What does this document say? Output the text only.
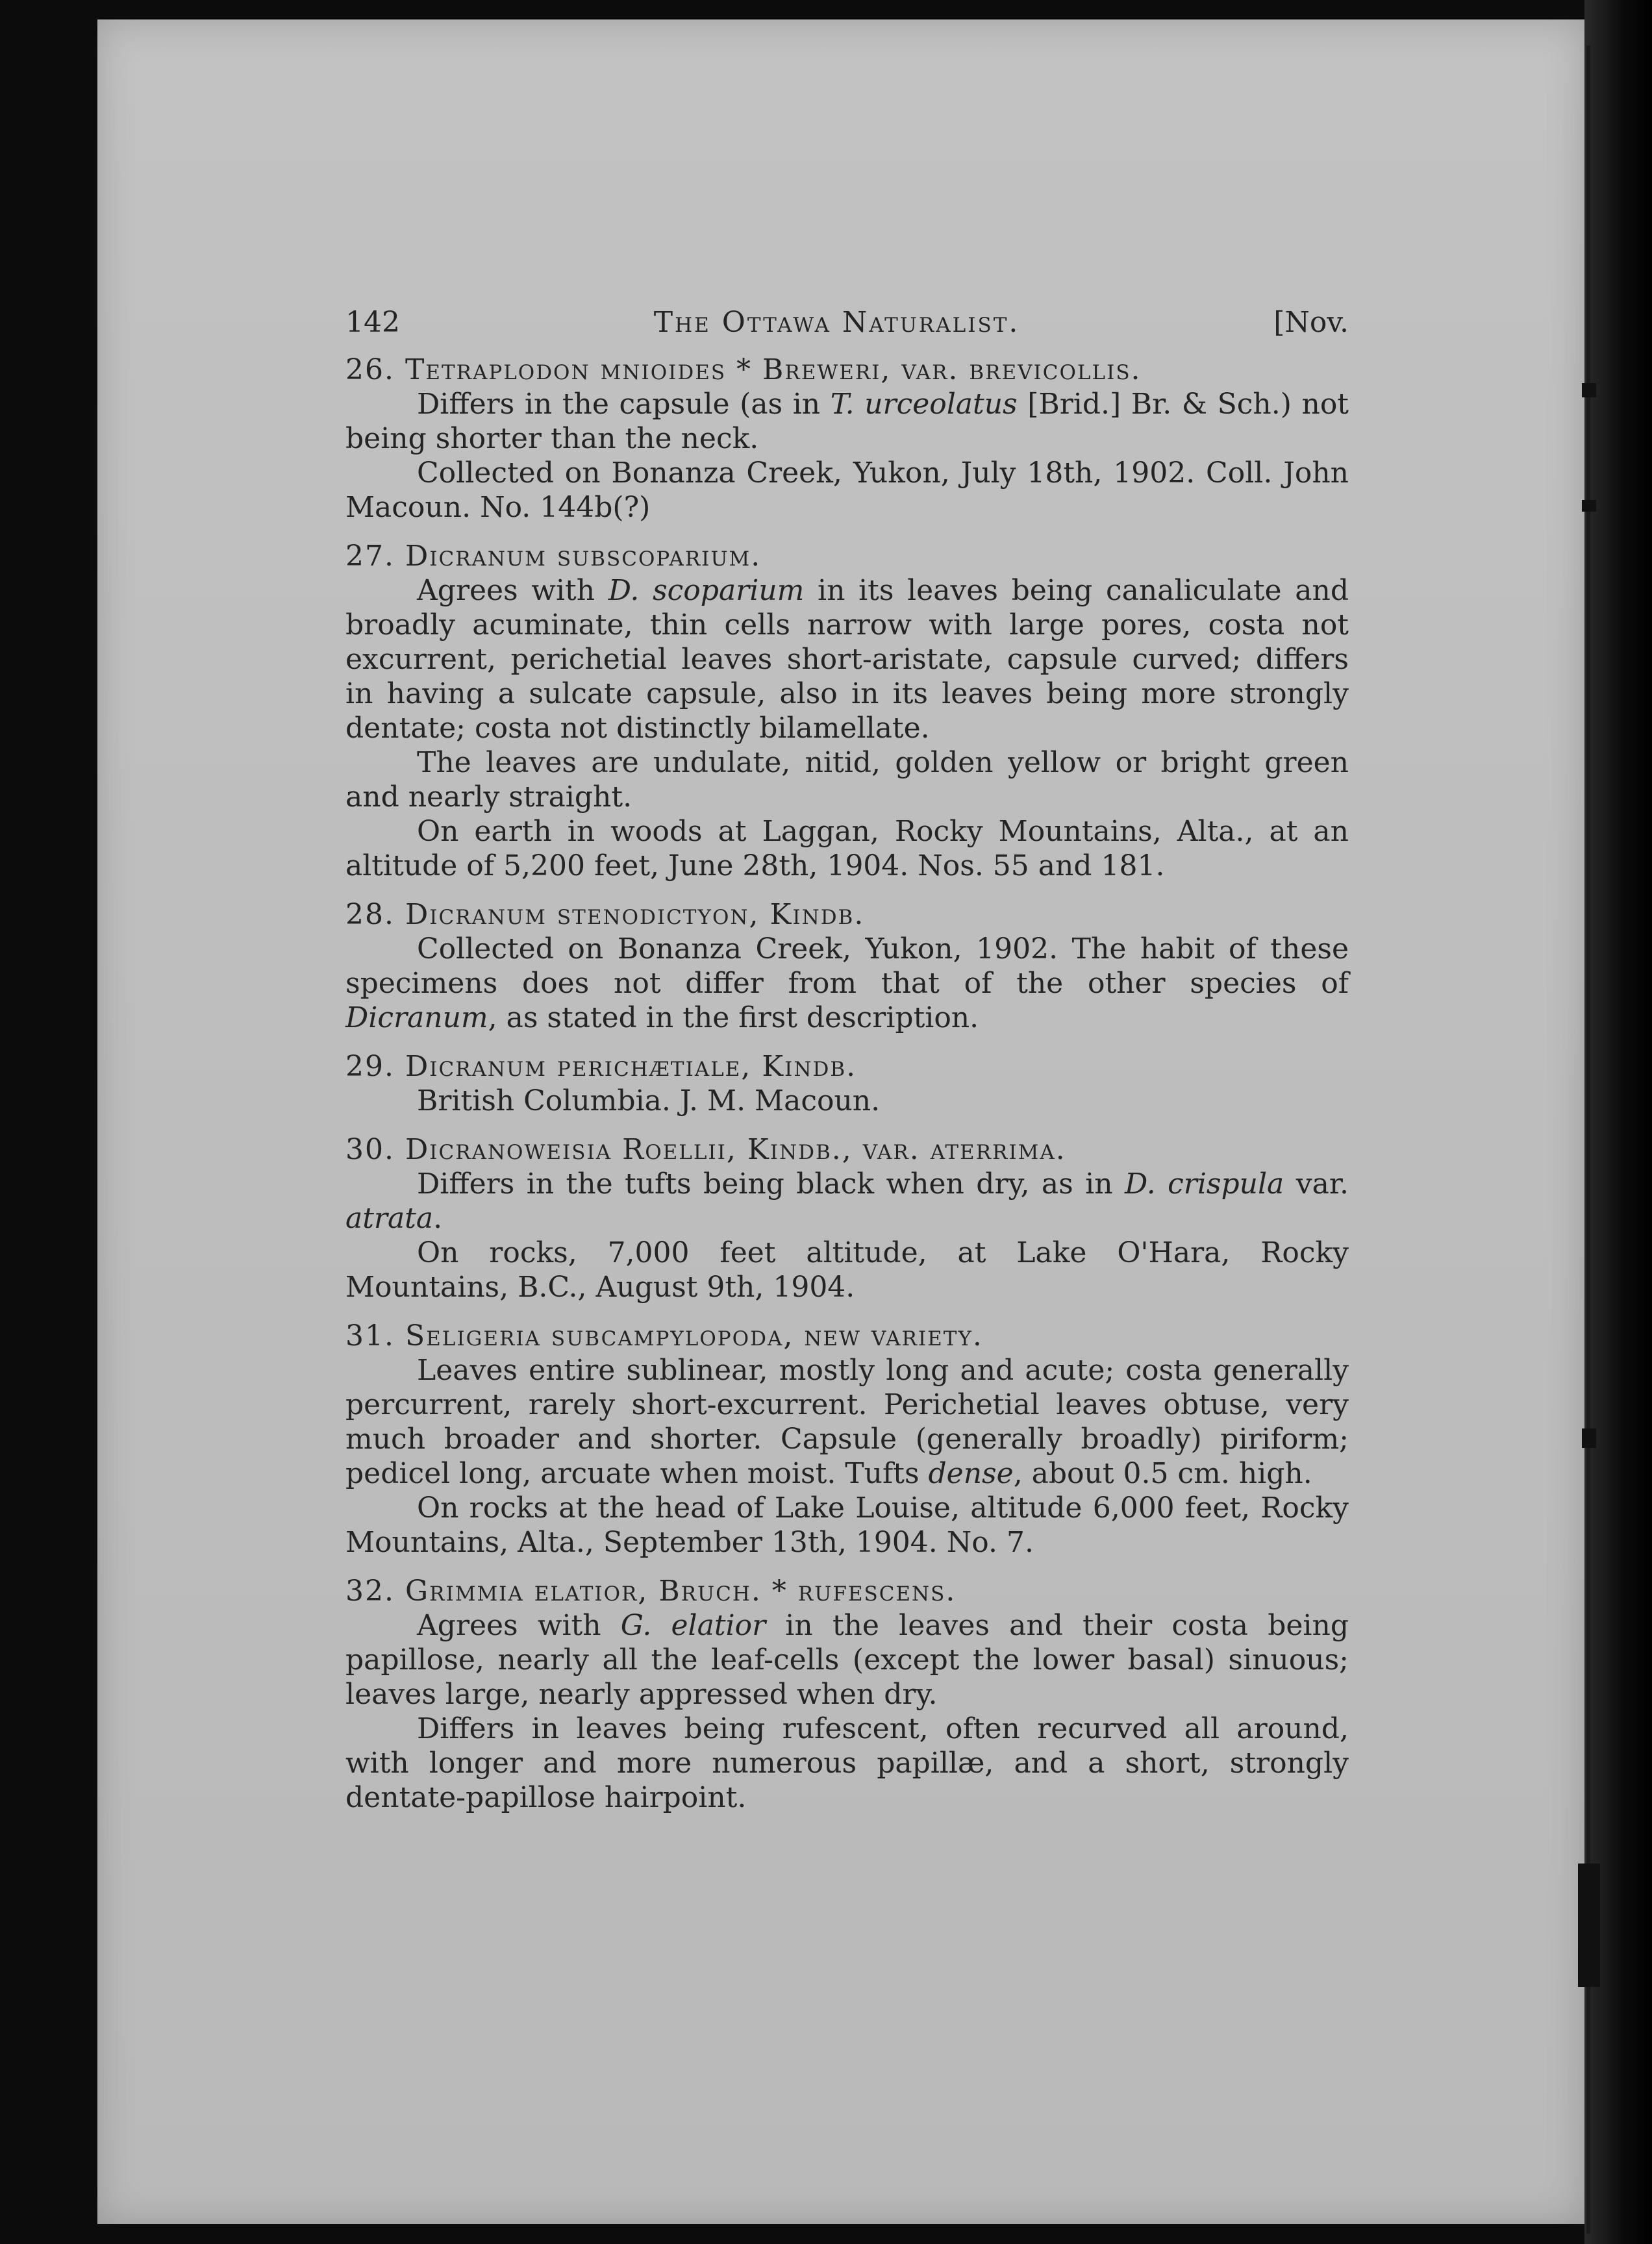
142	The Ottawa Naturalist.	[Nov.
26. Tetraplodon mnioides * Breweri, var. brevicollis.
Differs in the capsule (as in T. urceolatus [Brid.] Br. & Sch.) not being shorter than the neck.
Collected on Bonanza Creek, Yukon, July 18th, 1902. Coll. John Macoun. No. 144b(?)
27. Dicranum subscoparium.
Agrees with D. scoparium in its leaves being canaliculate and broadly acuminate, thin cells narrow with large pores, costa not excurrent, perichetial leaves short-aristate, capsule curved; differs in having a sulcate capsule, also in its leaves being more strongly dentate; costa not distinctly bilamellate.
The leaves are undulate, nitid, golden yellow or bright green and nearly straight.
On earth in woods at Laggan, Rocky Mountains, Alta., at an altitude of 5,200 feet, June 28th, 1904. Nos. 55 and 181.
28. Dicranum stenodictyon, Kindb.
Collected on Bonanza Creek, Yukon, 1902. The habit of these specimens does not differ from that of the other species of Dicranum, as stated in the first description.
29. Dicranum perichætiale, Kindb.
British Columbia. J. M. Macoun.
30. Dicranoweisia Roellii, Kindb., var. aterrima.
Differs in the tufts being black when dry, as in D. crispula var. atrata.
On rocks, 7,000 feet altitude, at Lake O'Hara, Rocky Mountains, B.C., August 9th, 1904.
31. Seligeria subcampylopoda, new variety.
Leaves entire sublinear, mostly long and acute; costa generally percurrent, rarely short-excurrent. Perichetial leaves obtuse, very much broader and shorter. Capsule (generally broadly) piriform; pedicel long, arcuate when moist. Tufts dense, about 0.5 cm. high.
On rocks at the head of Lake Louise, altitude 6,000 feet, Rocky Mountains, Alta., September 13th, 1904. No. 7.
32. Grimmia elatior, Bruch. * rufescens.
Agrees with G. elatior in the leaves and their costa being papillose, nearly all the leaf-cells (except the lower basal) sinuous; leaves large, nearly appressed when dry.
Differs in leaves being rufescent, often recurved all around, with longer and more numerous papillæ, and a short, strongly dentate-papillose hairpoint.
